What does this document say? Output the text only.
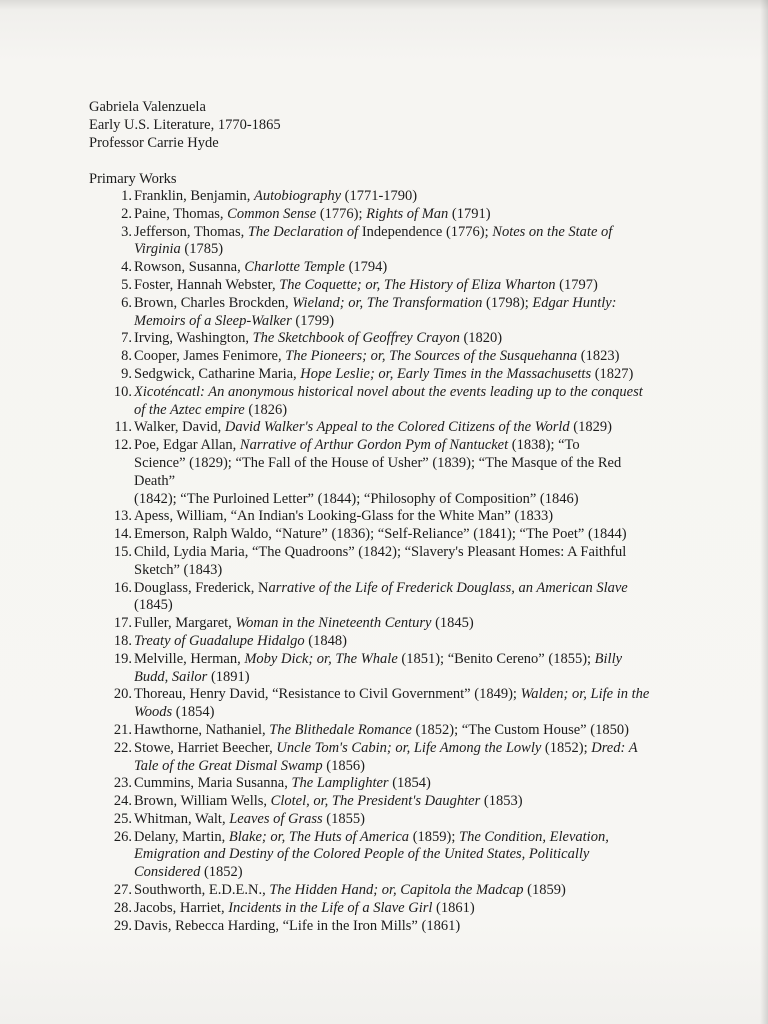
Gabriela Valenzuela
Early U.S. Literature, 1770-1865
Professor Carrie Hyde
Primary Works
1. Franklin, Benjamin, Autobiography (1771-1790)
2. Paine, Thomas, Common Sense (1776); Rights of Man (1791)
3. Jefferson, Thomas, The Declaration of Independence (1776); Notes on the State of
Virginia (1785)
4. Rowson, Susanna, Charlotte Temple (1794)
5. Foster, Hannah Webster, The Coquette; or, The History of Eliza Wharton (1797)
6. Brown, Charles Brockden, Wieland; or, The Transformation (1798); Edgar Huntly:
Memoirs of a Sleep-Walker (1799)
7. Irving, Washington, The Sketchbook of Geoffrey Crayon (1820)
8. Cooper, James Fenimore, The Pioneers; or, The Sources of the Susquehanna (1823)
9. Sedgwick, Catharine Maria, Hope Leslie; or, Early Times in the Massachusetts (1827)
10. Xicoténcatl: An anonymous historical novel about the events leading up to the conquest
of the Aztec empire (1826)
11. Walker, David, David Walker's Appeal to the Colored Citizens of the World (1829)
12. Poe, Edgar Allan, Narrative of Arthur Gordon Pym of Nantucket (1838); “To
Science” (1829); “The Fall of the House of Usher” (1839); “The Masque of the Red
Death”
(1842); “The Purloined Letter” (1844); “Philosophy of Composition” (1846)
13. Apess, William, “An Indian's Looking-Glass for the White Man” (1833)
14. Emerson, Ralph Waldo, “Nature” (1836); “Self-Reliance” (1841); “The Poet” (1844)
15. Child, Lydia Maria, “The Quadroons” (1842); “Slavery's Pleasant Homes: A Faithful
Sketch” (1843)
16. Douglass, Frederick, Narrative of the Life of Frederick Douglass, an American Slave
(1845)
17. Fuller, Margaret, Woman in the Nineteenth Century (1845)
18. Treaty of Guadalupe Hidalgo (1848)
19. Melville, Herman, Moby Dick; or, The Whale (1851); “Benito Cereno” (1855); Billy
Budd, Sailor (1891)
20. Thoreau, Henry David, “Resistance to Civil Government” (1849); Walden; or, Life in the
Woods (1854)
21. Hawthorne, Nathaniel, The Blithedale Romance (1852); “The Custom House” (1850)
22. Stowe, Harriet Beecher, Uncle Tom's Cabin; or, Life Among the Lowly (1852); Dred: A
Tale of the Great Dismal Swamp (1856)
23. Cummins, Maria Susanna, The Lamplighter (1854)
24. Brown, William Wells, Clotel, or, The President's Daughter (1853)
25. Whitman, Walt, Leaves of Grass (1855)
26. Delany, Martin, Blake; or, The Huts of America (1859); The Condition, Elevation,
Emigration and Destiny of the Colored People of the United States, Politically
Considered (1852)
27. Southworth, E.D.E.N., The Hidden Hand; or, Capitola the Madcap (1859)
28. Jacobs, Harriet, Incidents in the Life of a Slave Girl (1861)
29. Davis, Rebecca Harding, “Life in the Iron Mills” (1861)
